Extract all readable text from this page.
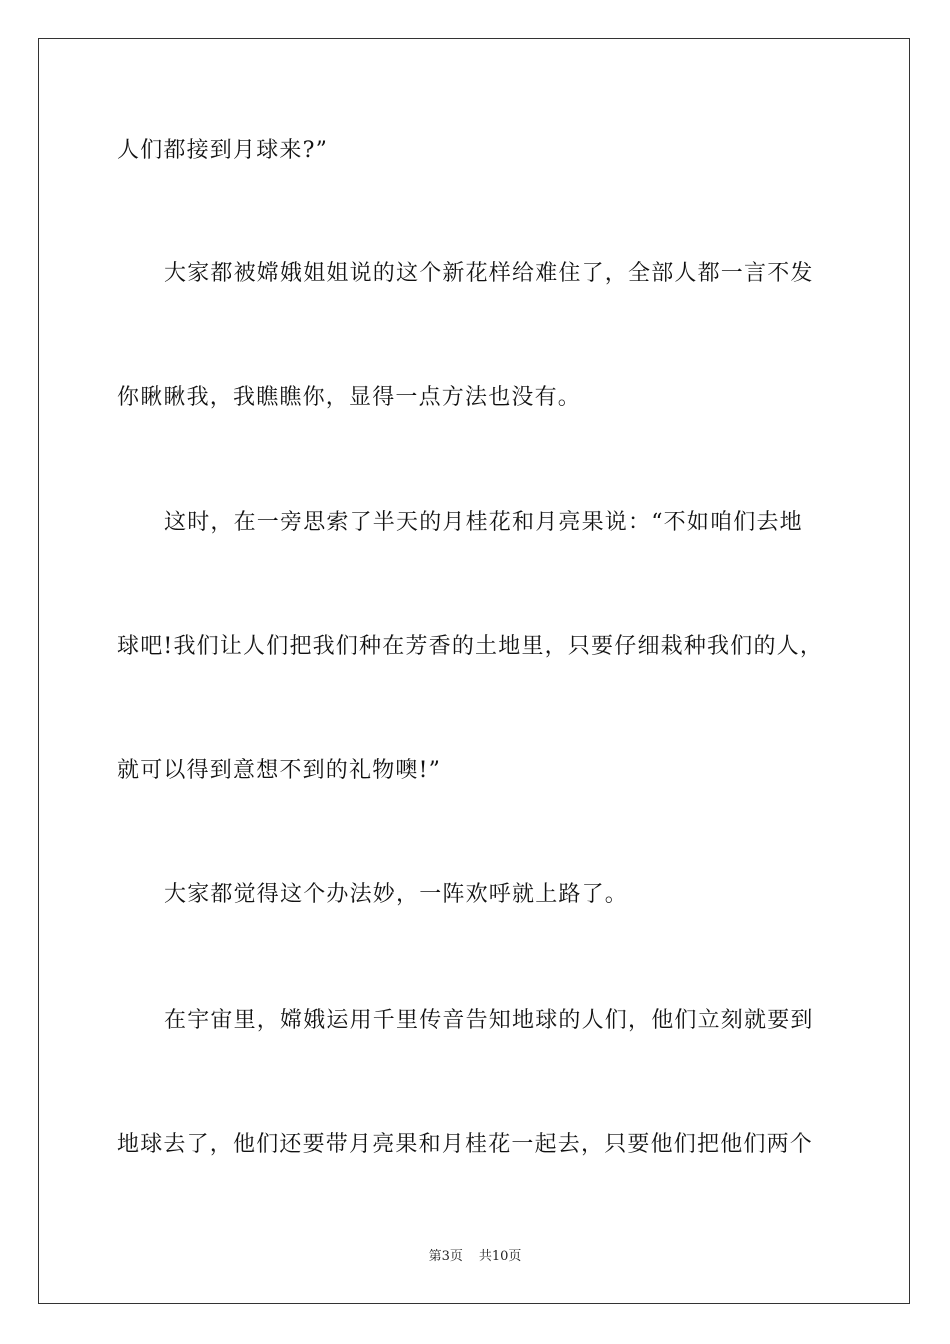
人们都接到月球来?”
大家都被嫦娥姐姐说的这个新花样给难住了，全部人都一言不发
你瞅瞅我，我瞧瞧你，显得一点方法也没有。
这时，在一旁思索了半天的月桂花和月亮果说：“不如咱们去地
球吧!我们让人们把我们种在芳香的土地里，只要仔细栽种我们的人，
就可以得到意想不到的礼物噢!”
大家都觉得这个办法妙，一阵欢呼就上路了。
在宇宙里，嫦娥运用千里传音告知地球的人们，他们立刻就要到
地球去了，他们还要带月亮果和月桂花一起去，只要他们把他们两个
第3页 共10页
